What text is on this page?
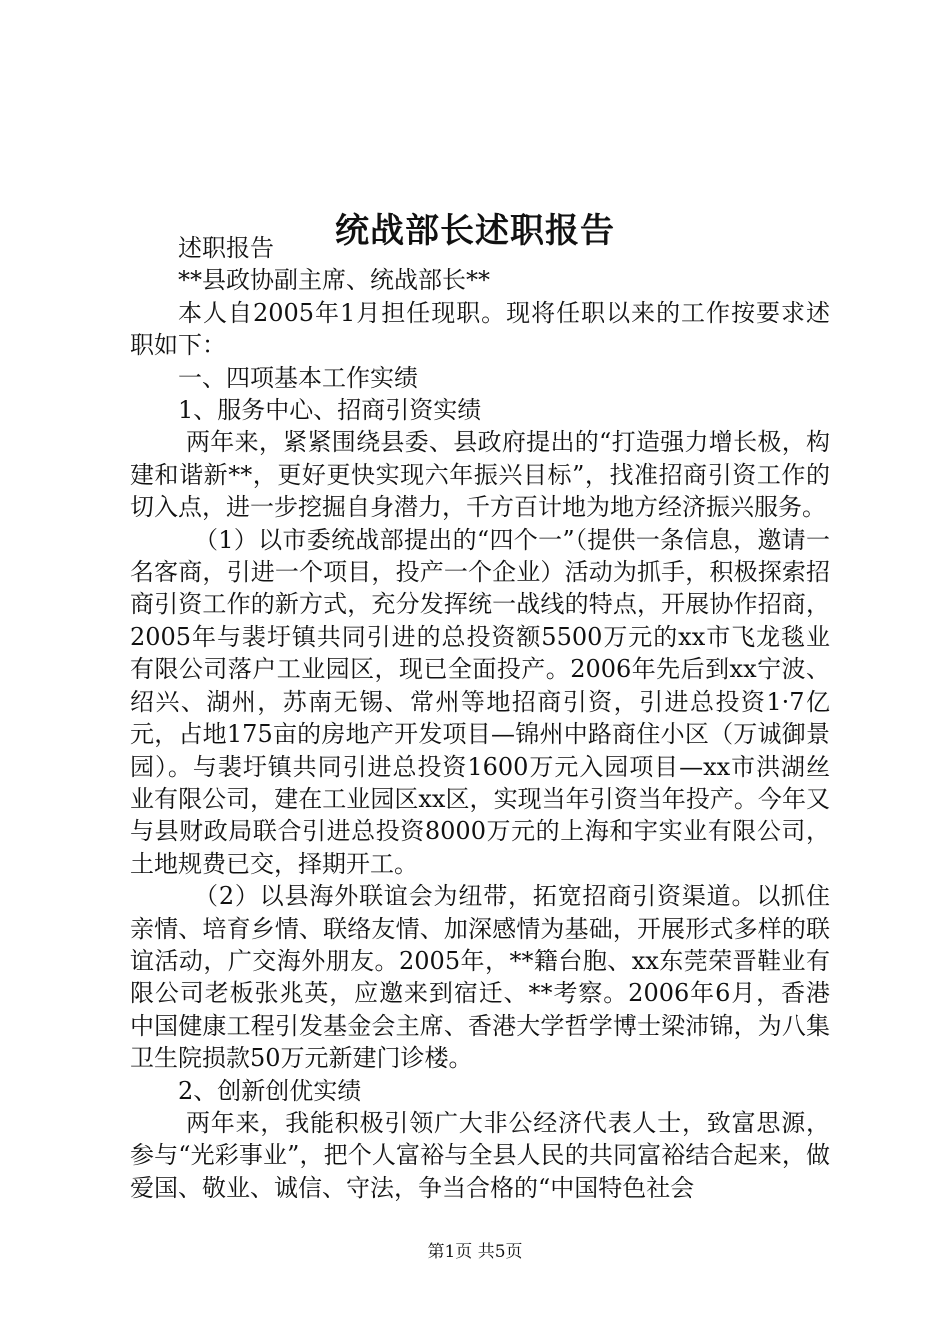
统战部长述职报告

述职报告

**县政协副主席、统战部长**

本人自2005年1月担任现职。现将任职以来的工作按要求述职如下：

一、四项基本工作实绩

1、服务中心、招商引资实绩

两年来，紧紧围绕县委、县政府提出的“打造强力增长极，构建和谐新**，更好更快实现六年振兴目标”，找准招商引资工作的切入点，进一步挖掘自身潜力，千方百计地为地方经济振兴服务。

（1）以市委统战部提出的“四个一”（提供一条信息，邀请一名客商，引进一个项目，投产一个企业）活动为抓手，积极探索招商引资工作的新方式，充分发挥统一战线的特点，开展协作招商，2005年与裴圩镇共同引进的总投资额5500万元的xx市飞龙毯业有限公司落户工业园区，现已全面投产。2006年先后到xx宁波、绍兴、湖州，苏南无锡、常州等地招商引资，引进总投资1·7亿元，占地175亩的房地产开发项目—锦州中路商住小区（万诚御景园）。与裴圩镇共同引进总投资1600万元入园项目—xx市洪湖丝业有限公司，建在工业园区xx区，实现当年引资当年投产。今年又与县财政局联合引进总投资8000万元的上海和宇实业有限公司，土地规费已交，择期开工。

（2）以县海外联谊会为纽带，拓宽招商引资渠道。以抓住亲情、培育乡情、联络友情、加深感情为基础，开展形式多样的联谊活动，广交海外朋友。2005年，**籍台胞、xx东莞荣晋鞋业有限公司老板张兆英，应邀来到宿迁、**考察。2006年6月，香港中国健康工程引发基金会主席、香港大学哲学博士梁沛锦，为八集卫生院损款50万元新建门诊楼。

2、创新创优实绩

两年来，我能积极引领广大非公经济代表人士，致富思源，参与“光彩事业”，把个人富裕与全县人民的共同富裕结合起来，做爱国、敬业、诚信、守法，争当合格的“中国特色社会

第1页 共5页
